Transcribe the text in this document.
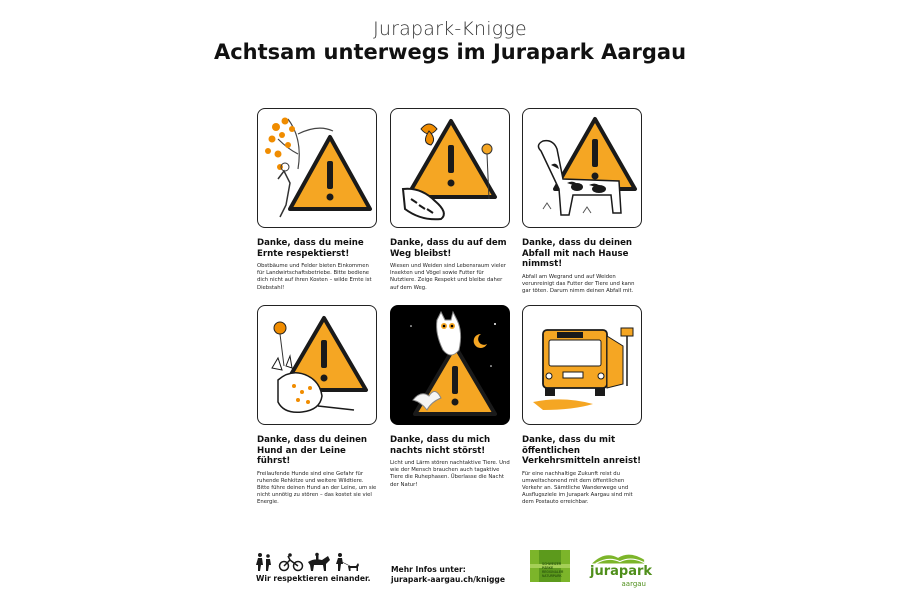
Jurapark-Knigge
Achtsam unterwegs im Jurapark Aargau
Danke, dass du meine Ernte respektierst!
Obstbäume und Felder bieten Einkommen für Landwirtschaftsbetriebe. Bitte bediene dich nicht auf ihren Kosten – wilde Ernte ist Diebstahl!
Danke, dass du auf dem Weg bleibst!
Wiesen und Weiden sind Lebensraum vieler Insekten und Vögel sowie Futter für Nutztiere. Zeige Respekt und bleibe daher auf dem Weg.
Danke, dass du deinen Abfall mit nach Hause nimmst!
Abfall am Wegrand und auf Weiden verunreinigt das Futter der Tiere und kann gar töten. Darum nimm deinen Abfall mit.
Danke, dass du deinen Hund an der Leine führst!
Freilaufende Hunde sind eine Gefahr für ruhende Rehkitze und weitere Wildtiere. Bitte führe deinen Hund an der Leine, um sie nicht unnötig zu stören – das kostet sie viel Energie.
Danke, dass du mich nachts nicht störst!
Licht und Lärm stören nachtaktive Tiere. Und wie der Mensch brauchen auch tagaktive Tiere die Ruhephasen. Überlasse die Nacht der Natur!
Danke, dass du mit öffentlichen Verkehrsmitteln anreist!
Für eine nachhaltige Zukunft reist du umweltschonend mit dem öffentlichen Verkehr an. Sämtliche Wanderwege und Ausflugsziele im Jurapark Aargau sind mit dem Postauto erreichbar.
Wir respektieren einander.
Mehr Infos unter:
jurapark-aargau.ch/knigge
SCHWEIZER PÄRKE REGIONALER NATURPARK	jurapark
aargau
